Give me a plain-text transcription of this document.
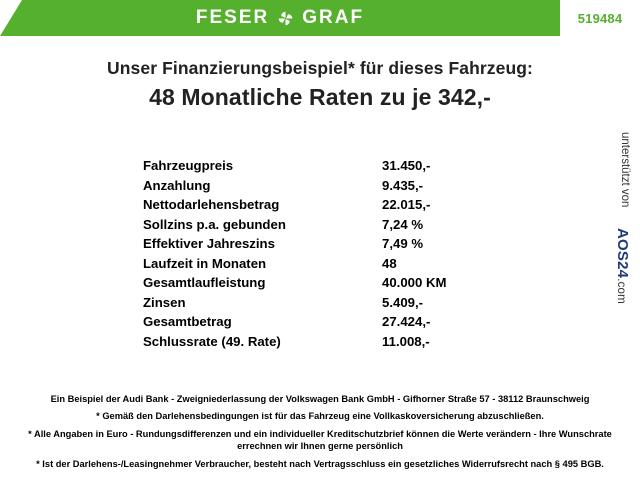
FESER GRAF	519484
Unser Finanzierungsbeispiel* für dieses Fahrzeug:
48 Monatliche Raten zu je 342,-
Fahrzeugpreis	31.450,-
Anzahlung	9.435,-
Nettodarlehensbetrag	22.015,-
Sollzins p.a. gebunden	7,24 %
Effektiver Jahreszins	7,49 %
Laufzeit in Monaten	48
Gesamtlaufleistung	40.000 KM
Zinsen	5.409,-
Gesamtbetrag	27.424,-
Schlussrate (49. Rate)	11.008,-
unterstützt von
AOS24.com

Ein Beispiel der Audi Bank - Zweigniederlassung der Volkswagen Bank GmbH - Gifhorner Straße 57 - 38112 Braunschweig

* Gemäß den Darlehensbedingungen ist für das Fahrzeug eine Vollkaskoversicherung abzuschließen.

* Alle Angaben in Euro - Rundungsdifferenzen und ein individueller Kreditschutzbrief können die Werte verändern - Ihre Wunschrate errechnen wir Ihnen gerne persönlich

* Ist der Darlehens-/Leasingnehmer Verbraucher, besteht nach Vertragsschluss ein gesetzliches Widerrufsrecht nach § 495 BGB.
